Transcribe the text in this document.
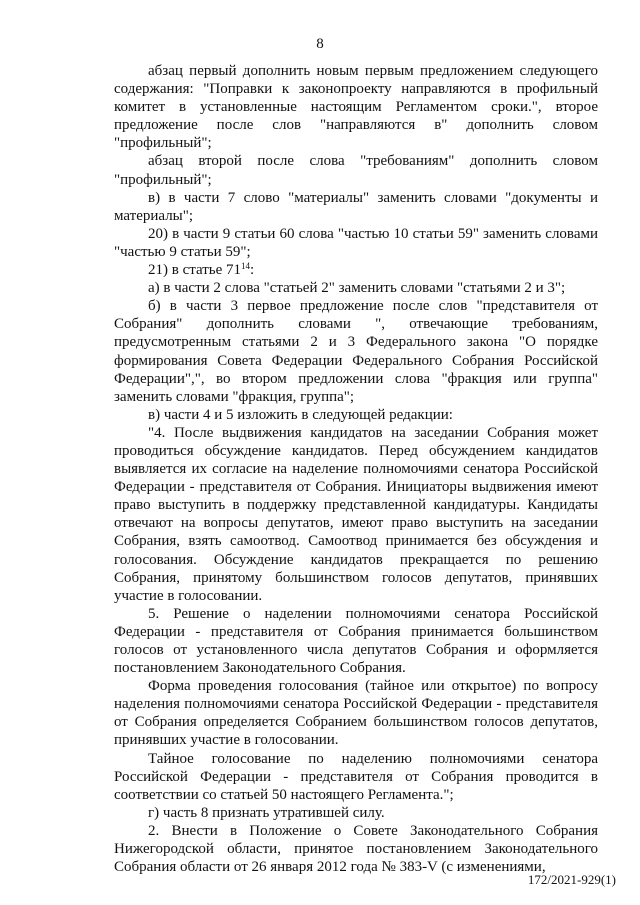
8

абзац первый дополнить новым первым предложением следующего содержания: "Поправки к законопроекту направляются в профильный комитет в установленные настоящим Регламентом сроки.", второе предложение после слов "направляются в" дополнить словом "профильный";

абзац второй после слова "требованиям" дополнить словом "профильный";

в) в части 7 слово "материалы" заменить словами "документы и материалы";

20) в части 9 статьи 60 слова "частью 10 статьи 59" заменить словами "частью 9 статьи 59";

21) в статье $71^{14}$:

а) в части 2 слова "статьей 2" заменить словами "статьями 2 и 3";

б) в части 3 первое предложение после слов "представителя от Собрания" дополнить словами ", отвечающие требованиям, предусмотренным статьями 2 и 3 Федерального закона "О порядке формирования Совета Федерации Федерального Собрания Российской Федерации",", во втором предложении слова "фракция или группа" заменить словами "фракция, группа";

в) части 4 и 5 изложить в следующей редакции:

"4. После выдвижения кандидатов на заседании Собрания может проводиться обсуждение кандидатов. Перед обсуждением кандидатов выявляется их согласие на наделение полномочиями сенатора Российской Федерации - представителя от Собрания. Инициаторы выдвижения имеют право выступить в поддержку представленной кандидатуры. Кандидаты отвечают на вопросы депутатов, имеют право выступить на заседании Собрания, взять самоотвод. Самоотвод принимается без обсуждения и голосования. Обсуждение кандидатов прекращается по решению Собрания, принятому большинством голосов депутатов, принявших участие в голосовании.

5. Решение о наделении полномочиями сенатора Российской Федерации - представителя от Собрания принимается большинством голосов от установленного числа депутатов Собрания и оформляется постановлением Законодательного Собрания.

Форма проведения голосования (тайное или открытое) по вопросу наделения полномочиями сенатора Российской Федерации - представителя от Собрания определяется Собранием большинством голосов депутатов, принявших участие в голосовании.

Тайное голосование по наделению полномочиями сенатора Российской Федерации - представителя от Собрания проводится в соответствии со статьей 50 настоящего Регламента.";

г) часть 8 признать утратившей силу.

2. Внести в Положение о Совете Законодательного Собрания Нижегородской области, принятое постановлением Законодательного Собрания области от 26 января 2012 года № 383-V (с изменениями,

172/2021-929(1)
